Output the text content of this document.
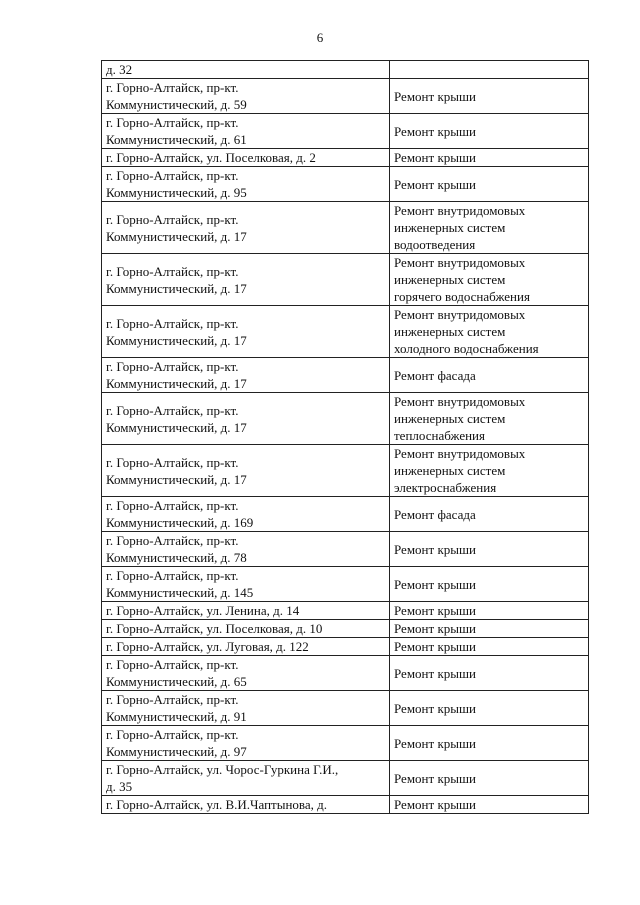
6
д. 32	

г. Горно-Алтайск, пр-кт.
Коммунистический, д. 59	Ремонт крыши

г. Горно-Алтайск, пр-кт.
Коммунистический, д. 61	Ремонт крыши

г. Горно-Алтайск, ул. Поселковая, д. 2	Ремонт крыши

г. Горно-Алтайск, пр-кт.
Коммунистический, д. 95	Ремонт крыши

г. Горно-Алтайск, пр-кт.
Коммунистический, д. 17	Ремонт внутридомовых
инженерных систем
водоотведения

г. Горно-Алтайск, пр-кт.
Коммунистический, д. 17	Ремонт внутридомовых
инженерных систем
горячего водоснабжения

г. Горно-Алтайск, пр-кт.
Коммунистический, д. 17	Ремонт внутридомовых
инженерных систем
холодного водоснабжения

г. Горно-Алтайск, пр-кт.
Коммунистический, д. 17	Ремонт фасада

г. Горно-Алтайск, пр-кт.
Коммунистический, д. 17	Ремонт внутридомовых
инженерных систем
теплоснабжения

г. Горно-Алтайск, пр-кт.
Коммунистический, д. 17	Ремонт внутридомовых
инженерных систем
электроснабжения

г. Горно-Алтайск, пр-кт.
Коммунистический, д. 169	Ремонт фасада

г. Горно-Алтайск, пр-кт.
Коммунистический, д. 78	Ремонт крыши

г. Горно-Алтайск, пр-кт.
Коммунистический, д. 145	Ремонт крыши

г. Горно-Алтайск, ул. Ленина, д. 14	Ремонт крыши

г. Горно-Алтайск, ул. Поселковая, д. 10	Ремонт крыши

г. Горно-Алтайск, ул. Луговая, д. 122	Ремонт крыши

г. Горно-Алтайск, пр-кт.
Коммунистический, д. 65	Ремонт крыши

г. Горно-Алтайск, пр-кт.
Коммунистический, д. 91	Ремонт крыши

г. Горно-Алтайск, пр-кт.
Коммунистический, д. 97	Ремонт крыши

г. Горно-Алтайск, ул. Чорос-Гуркина Г.И.,
д. 35	Ремонт крыши

г. Горно-Алтайск, ул. В.И.Чаптынова, д.	Ремонт крыши
